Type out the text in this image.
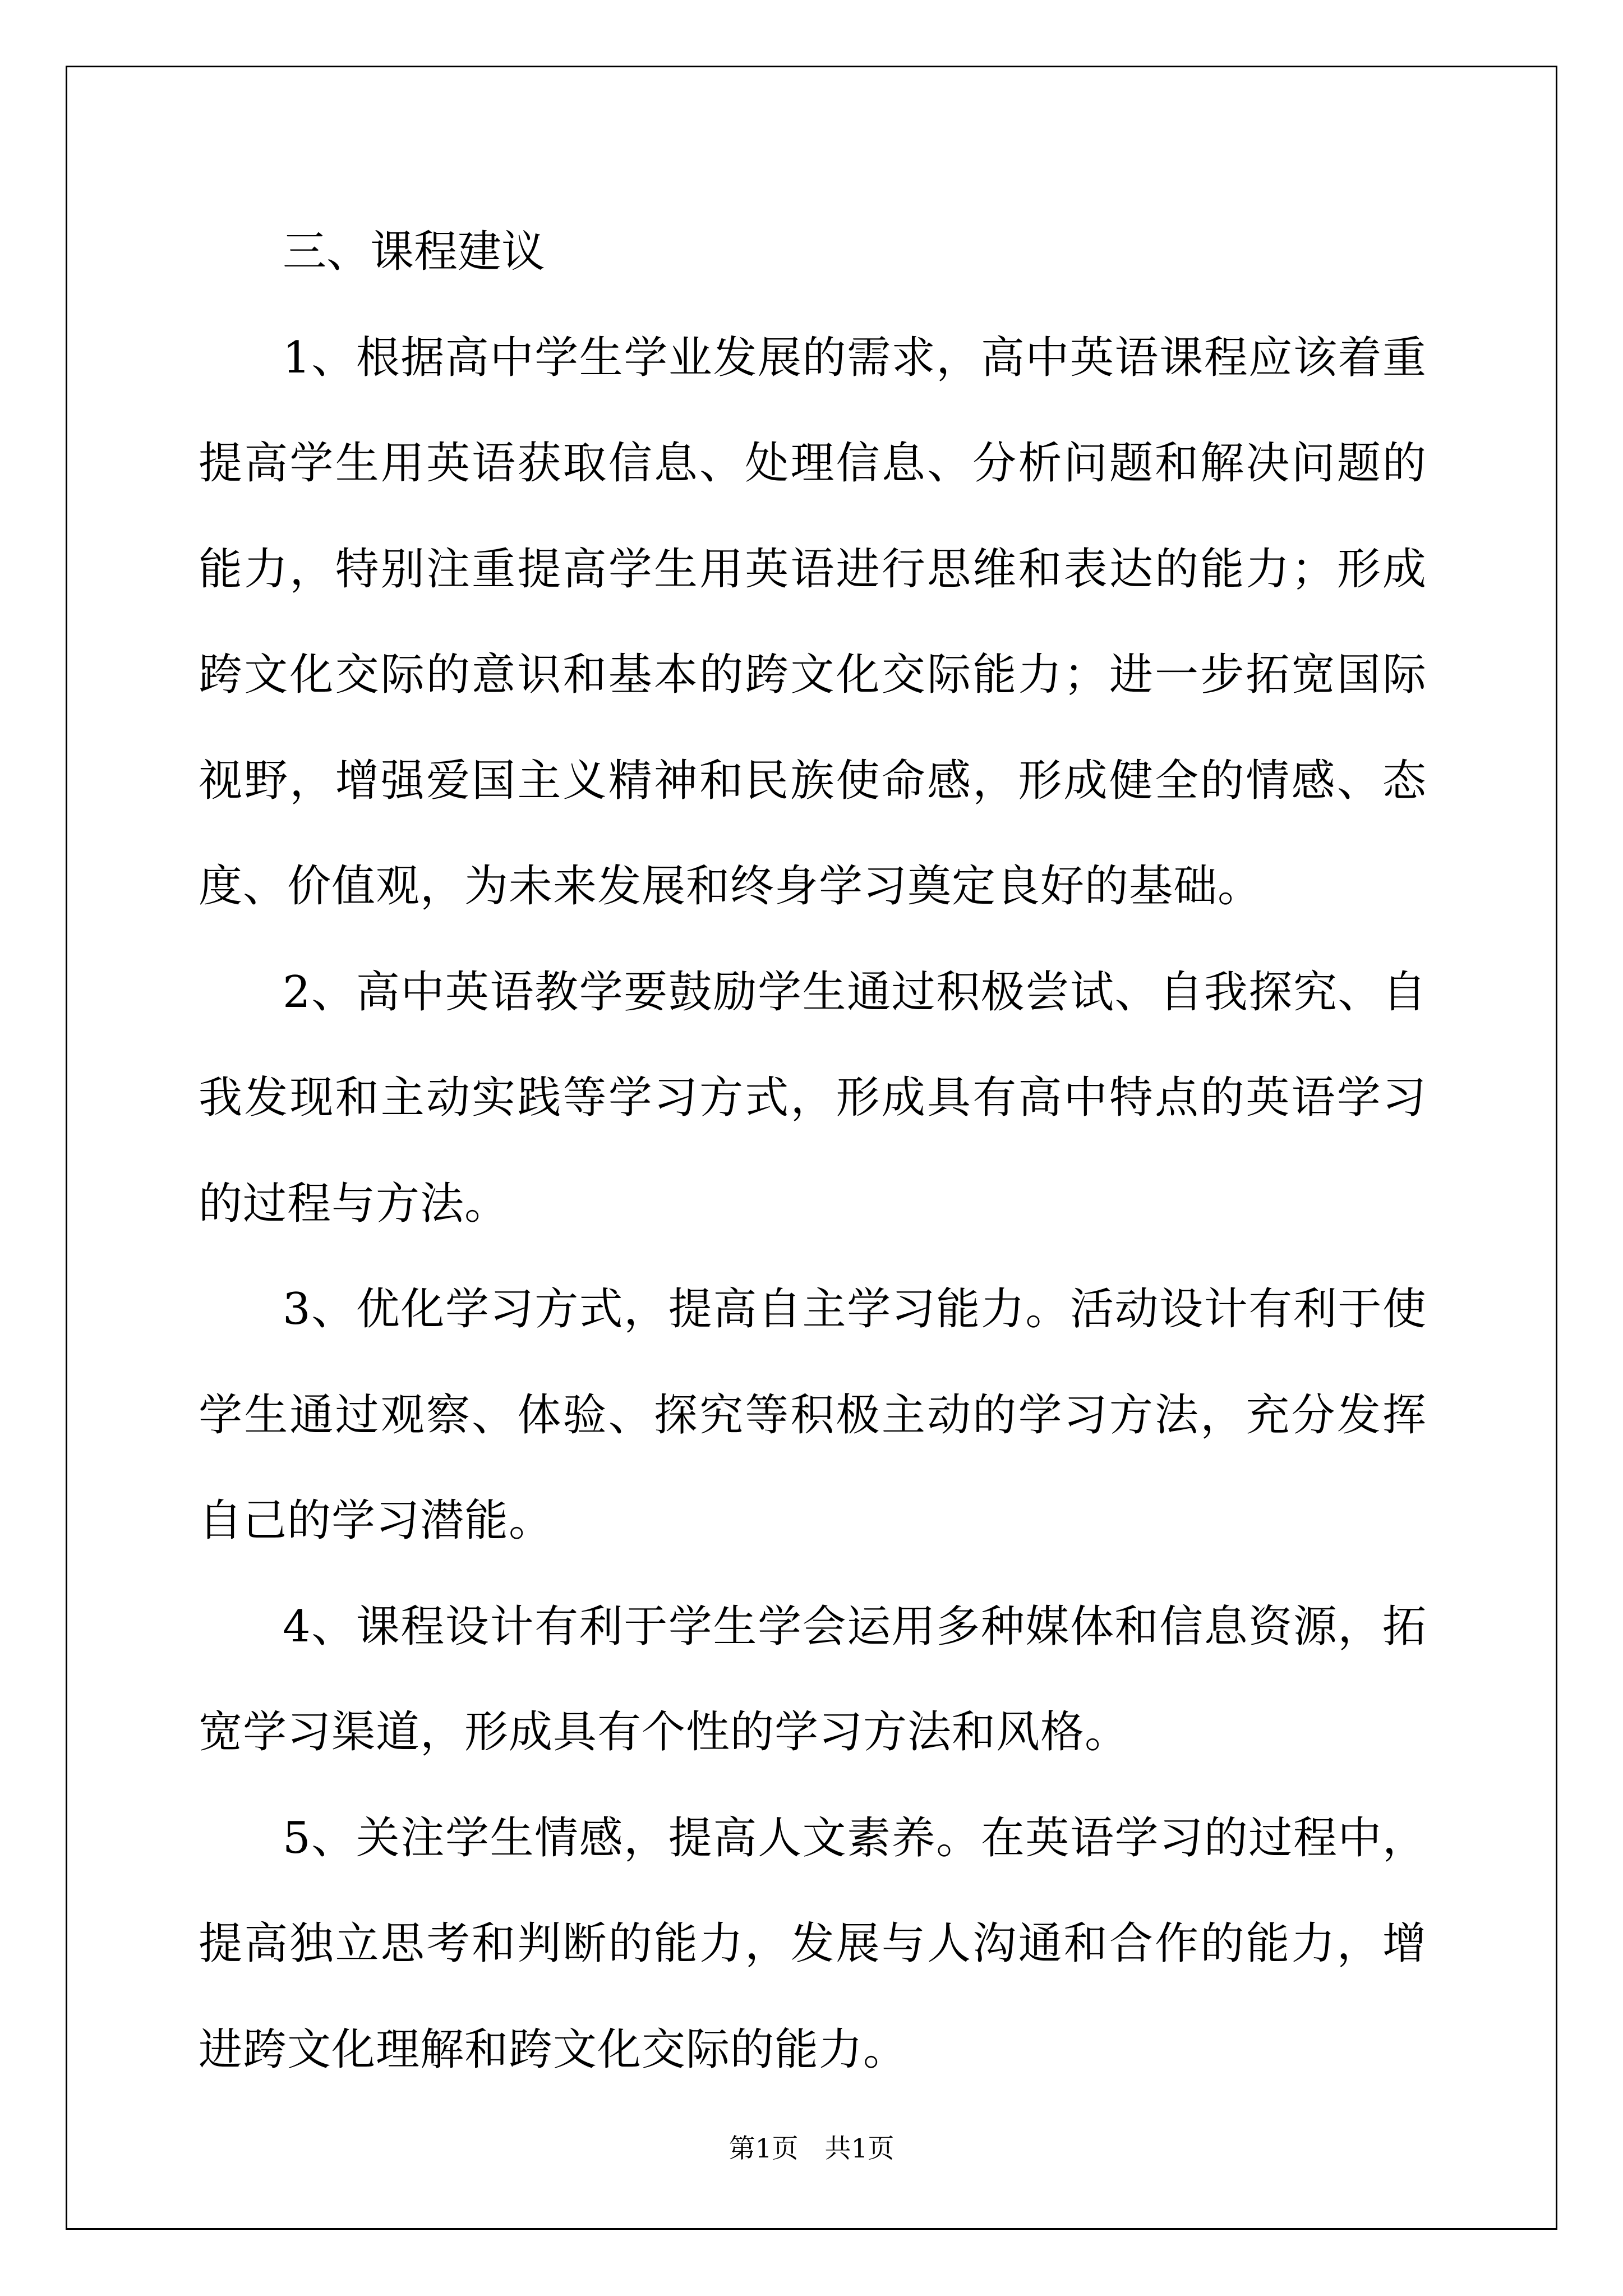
三、课程建议

1、根据高中学生学业发展的需求，高中英语课程应该着重提高学生用英语获取信息、处理信息、分析问题和解决问题的能力，特别注重提高学生用英语进行思维和表达的能力；形成跨文化交际的意识和基本的跨文化交际能力；进一步拓宽国际视野，增强爱国主义精神和民族使命感，形成健全的情感、态度、价值观，为未来发展和终身学习奠定良好的基础。

2、高中英语教学要鼓励学生通过积极尝试、自我探究、自我发现和主动实践等学习方式，形成具有高中特点的英语学习的过程与方法。

3、优化学习方式，提高自主学习能力。活动设计有利于使学生通过观察、体验、探究等积极主动的学习方法，充分发挥自己的学习潜能。

4、课程设计有利于学生学会运用多种媒体和信息资源，拓宽学习渠道，形成具有个性的学习方法和风格。

5、关注学生情感，提高人文素养。在英语学习的过程中，提高独立思考和判断的能力，发展与人沟通和合作的能力，增进跨文化理解和跨文化交际的能力。

第1页　共1页
